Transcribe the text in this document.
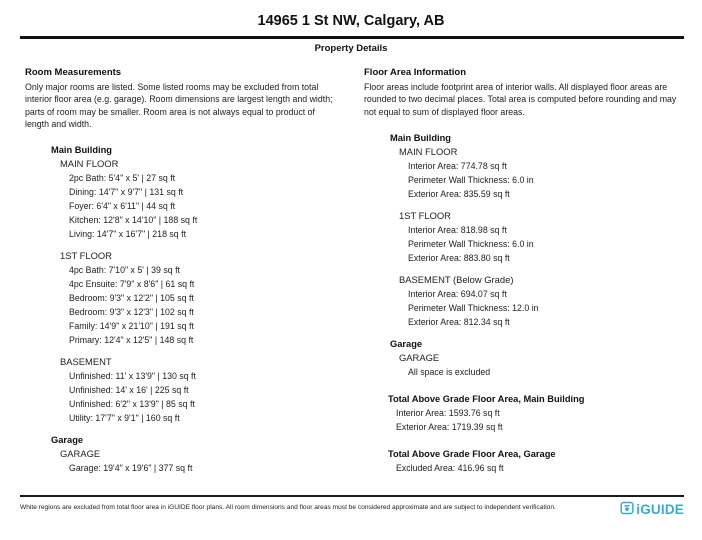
14965 1 St NW, Calgary, AB
Property Details
Room Measurements

Only major rooms are listed. Some listed rooms may be excluded from total interior floor area (e.g. garage). Room dimensions are largest length and width; parts of room may be smaller. Room area is not always equal to product of length and width.

Main Building
MAIN FLOOR
2pc Bath: 5'4" x 5' | 27 sq ft
Dining: 14'7" x 9'7" | 131 sq ft
Foyer: 6'4" x 6'11" | 44 sq ft
Kitchen: 12'8" x 14'10" | 188 sq ft
Living: 14'7" x 16'7" | 218 sq ft
1ST FLOOR
4pc Bath: 7'10" x 5' | 39 sq ft
4pc Ensuite: 7'9" x 8'6" | 61 sq ft
Bedroom: 9'3" x 12'2" | 105 sq ft
Bedroom: 9'3" x 12'3" | 102 sq ft
Family: 14'9" x 21'10" | 191 sq ft
Primary: 12'4" x 12'5" | 148 sq ft
BASEMENT
Unfinished: 11' x 13'9" | 130 sq ft
Unfinished: 14' x 16' | 225 sq ft
Unfinished: 6'2" x 13'9" | 85 sq ft
Utility: 17'7" x 9'1" | 160 sq ft
Garage
GARAGE
Garage: 19'4" x 19'6" | 377 sq ft
Floor Area Information

Floor areas include footprint area of interior walls. All displayed floor areas are rounded to two decimal places. Total area is computed before rounding and may not equal to sum of displayed floor areas.

Main Building
MAIN FLOOR
Interior Area: 774.78 sq ft
Perimeter Wall Thickness: 6.0 in
Exterior Area: 835.59 sq ft
1ST FLOOR
Interior Area: 818.98 sq ft
Perimeter Wall Thickness: 6.0 in
Exterior Area: 883.80 sq ft
BASEMENT (Below Grade)
Interior Area: 694.07 sq ft
Perimeter Wall Thickness: 12.0 in
Exterior Area: 812.34 sq ft
Garage
GARAGE
All space is excluded
Total Above Grade Floor Area, Main Building
Interior Area: 1593.76 sq ft
Exterior Area: 1719.39 sq ft
Total Above Grade Floor Area, Garage
Excluded Area: 416.96 sq ft
White regions are excluded from total floor area in iGUIDE floor plans. All room dimensions and floor areas must be considered approximate and are subject to independent verification.	iGUIDE
